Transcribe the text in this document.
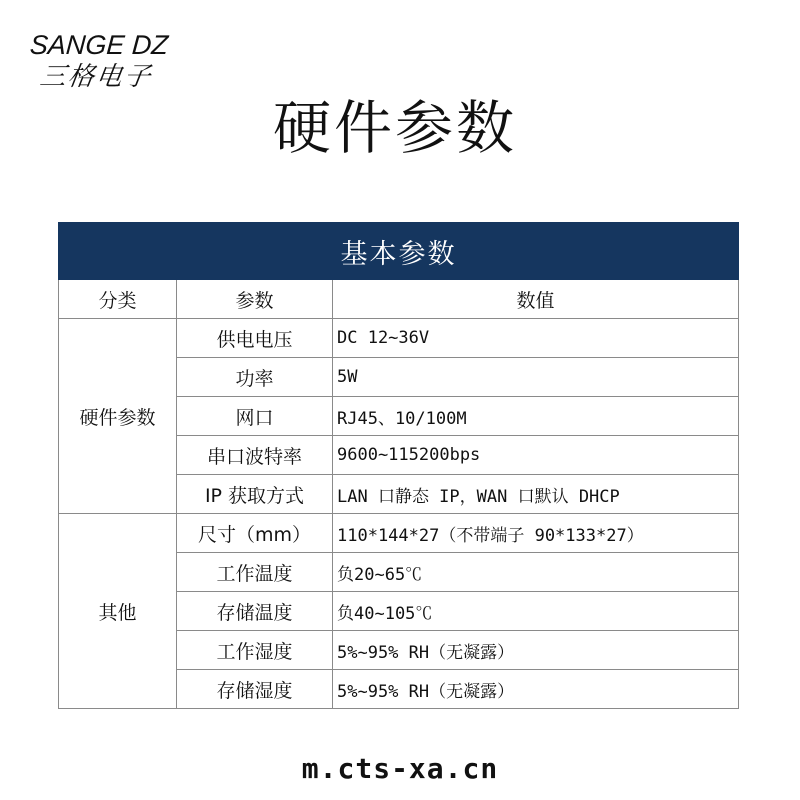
SANGE DZ
三格电子
硬件参数
基本参数		
分类	参数	数值
硬件参数	供电电压	DC 12~36V
	功率	5W
	网口	RJ45、10/100M
	串口波特率	9600~115200bps
	IP 获取方式	LAN 口静态 IP，WAN 口默认 DHCP
其他	尺寸（mm）	110*144*27（不带端子 90*133*27）
	工作温度	负20~65℃
	存储温度	负40~105℃
	工作湿度	5%~95% RH（无凝露）
	存储湿度	5%~95% RH（无凝露）
m.cts-xa.cn
